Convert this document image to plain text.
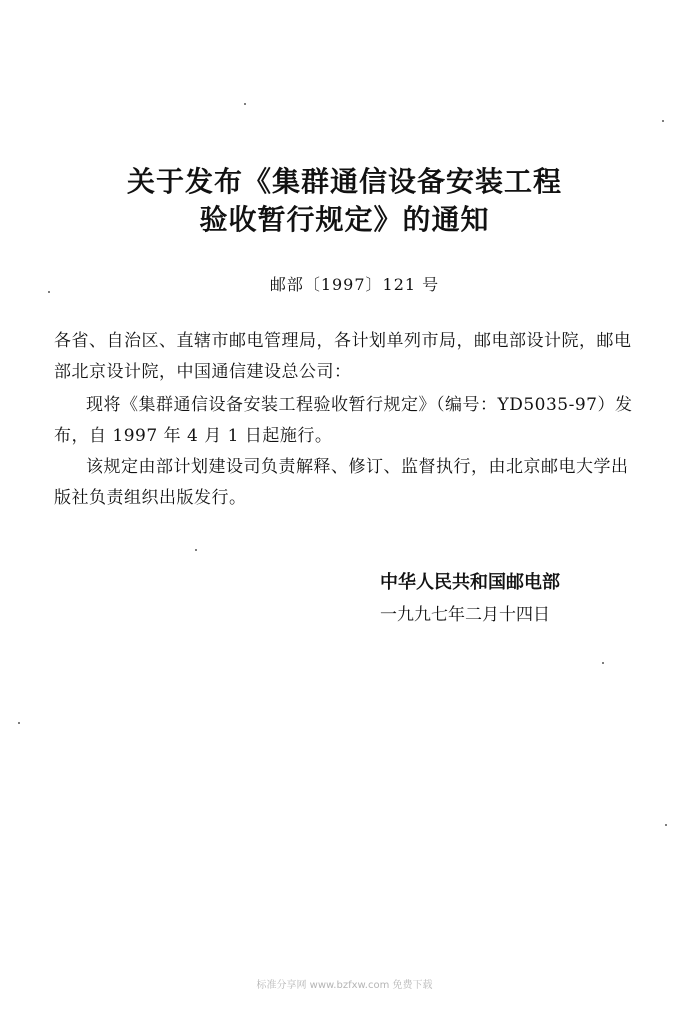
关于发布《集群通信设备安装工程
验收暂行规定》的通知
邮部〔1997〕121 号
各省、自治区、直辖市邮电管理局，各计划单列市局，邮电部设计院，邮电部北京设计院，中国通信建设总公司：
现将《集群通信设备安装工程验收暂行规定》（编号：YD5035-97）发布，自 1997 年 4 月 1 日起施行。
该规定由部计划建设司负责解释、修订、监督执行，由北京邮电大学出版社负责组织出版发行。
中华人民共和国邮电部
一九九七年二月十四日
标准分享网 www.bzfxw.com 免费下载
